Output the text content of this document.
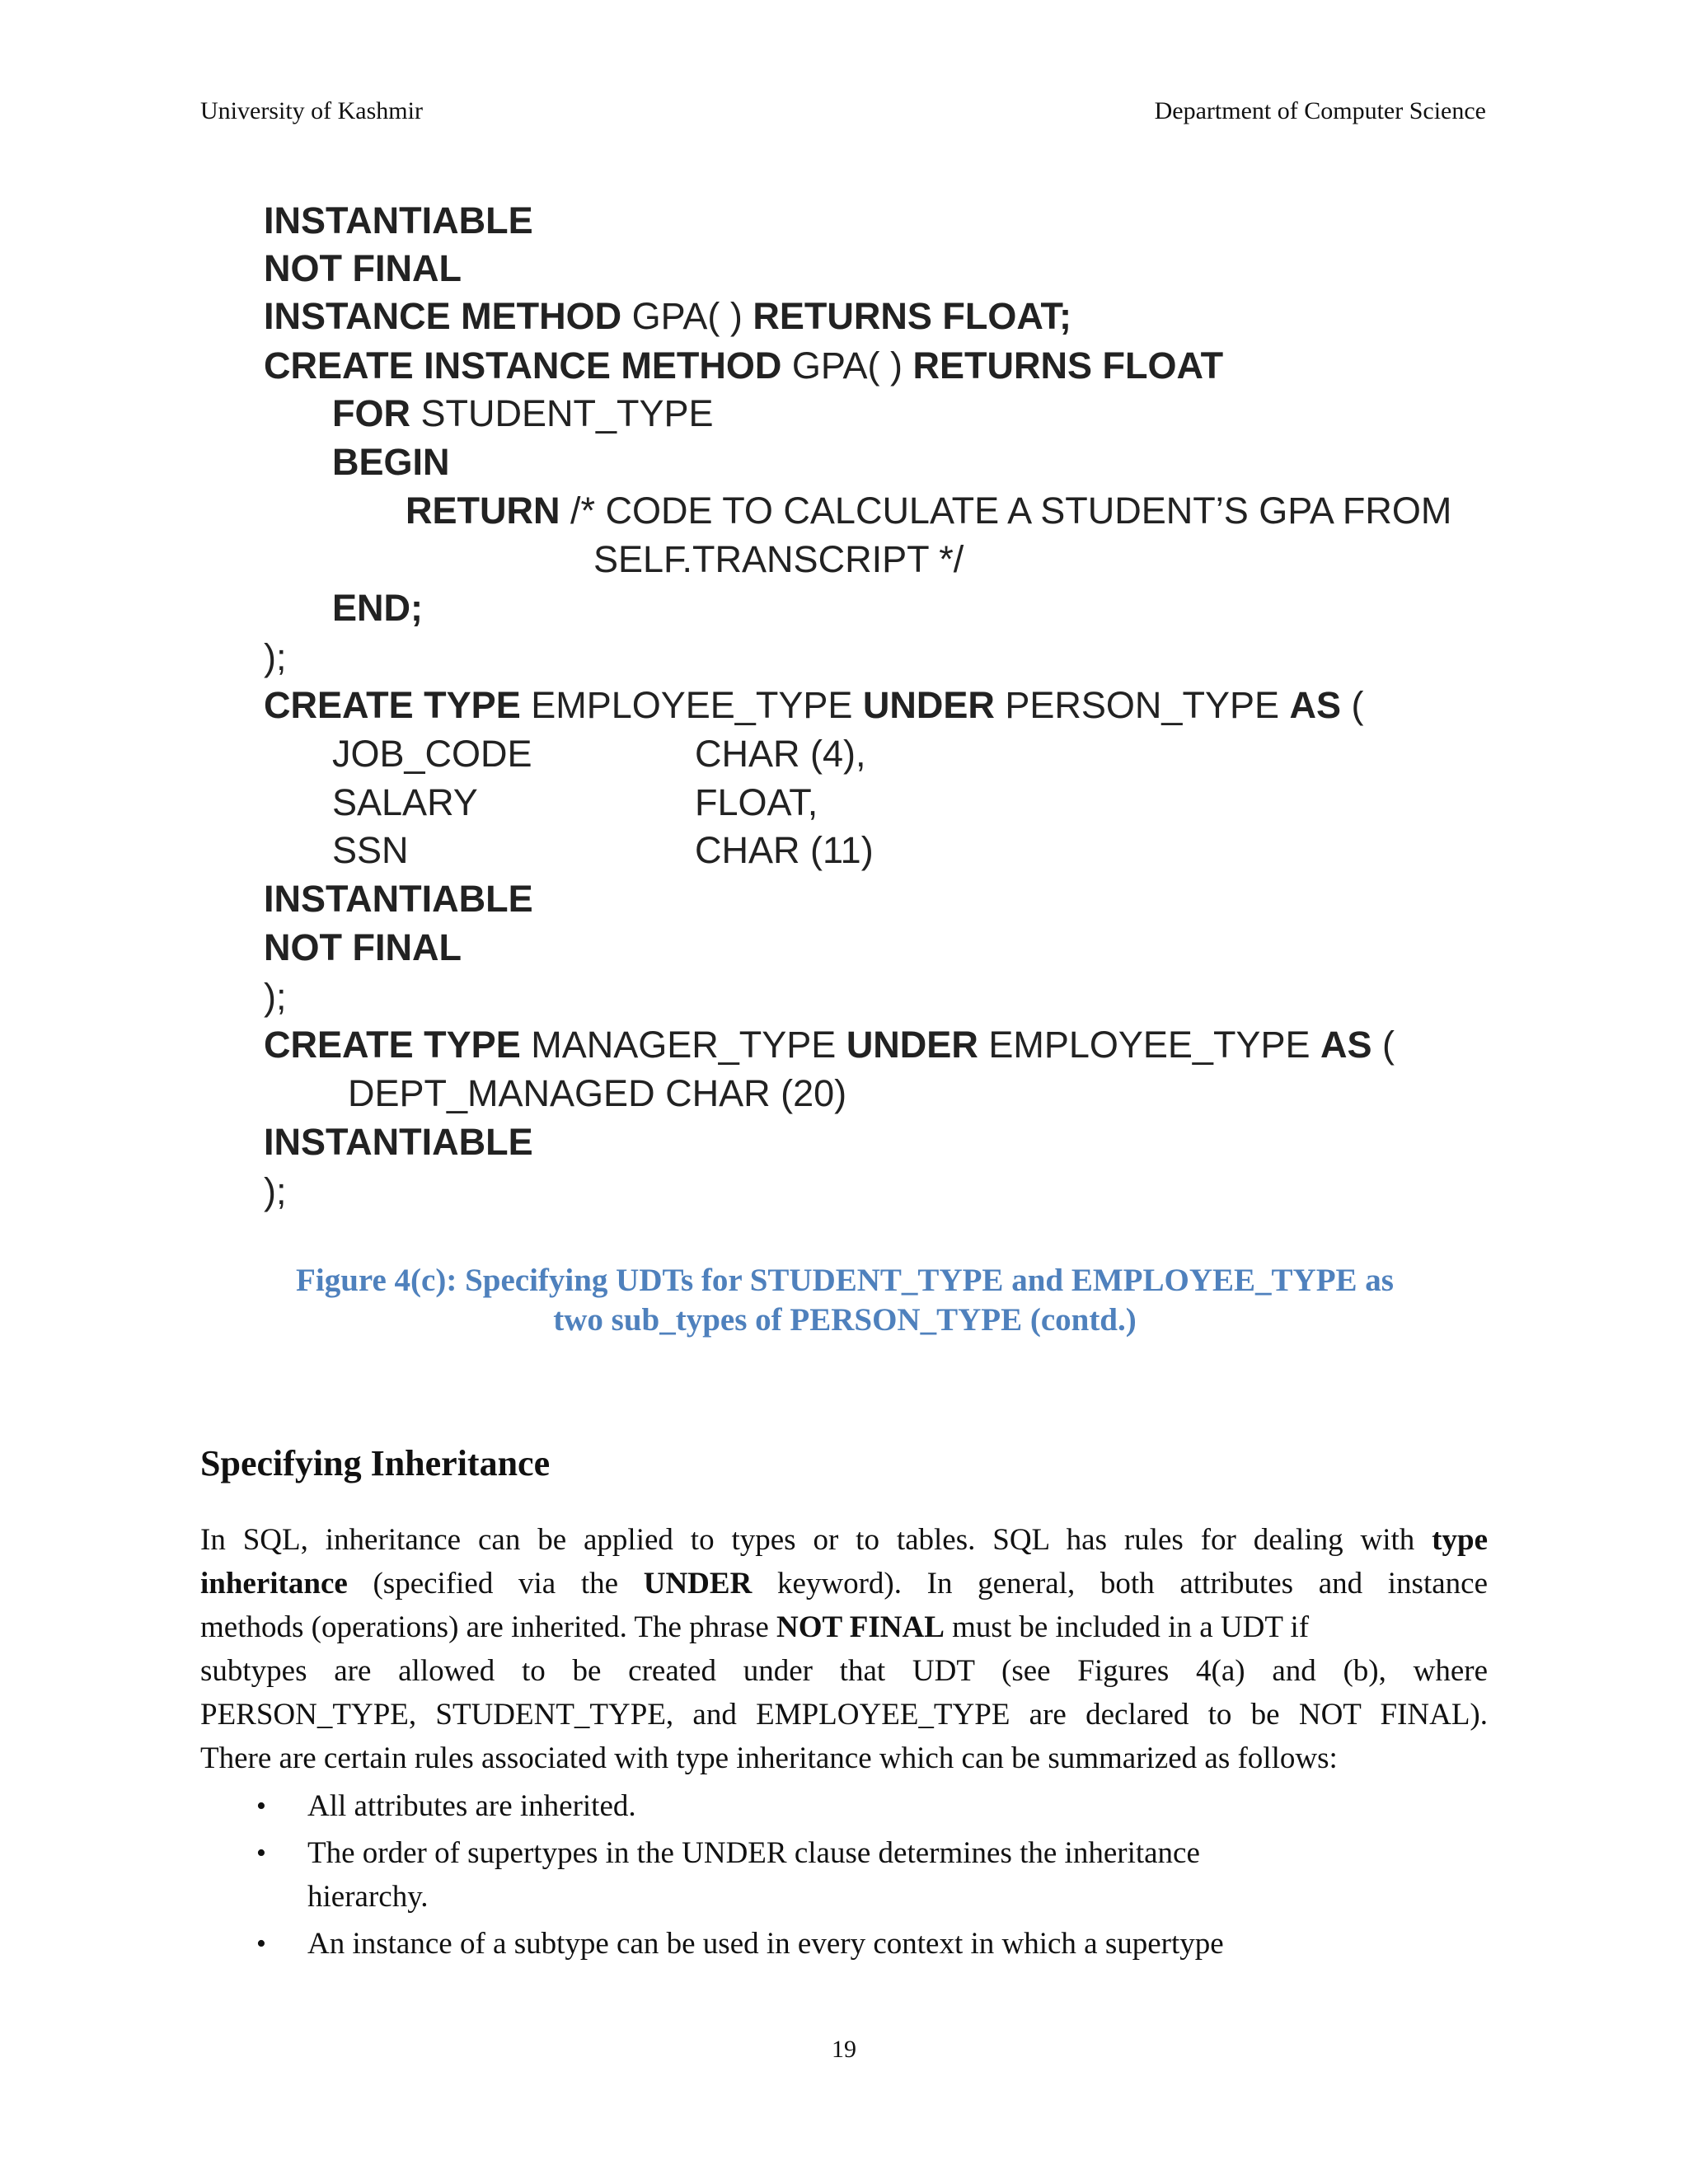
University of Kashmir	Department of Computer Science
INSTANTIABLE
NOT FINAL
INSTANCE METHOD GPA( ) RETURNS FLOAT;
CREATE INSTANCE METHOD GPA( ) RETURNS FLOAT
FOR STUDENT_TYPE
BEGIN
RETURN /* CODE TO CALCULATE A STUDENT’S GPA FROM
SELF.TRANSCRIPT */
END;
);
CREATE TYPE EMPLOYEE_TYPE UNDER PERSON_TYPE AS (
JOB_CODE	CHAR (4),
SALARY	FLOAT,
SSN	CHAR (11)
INSTANTIABLE
NOT FINAL
);
CREATE TYPE MANAGER_TYPE UNDER EMPLOYEE_TYPE AS (
DEPT_MANAGED CHAR (20)
INSTANTIABLE
);
Figure 4(c): Specifying UDTs for STUDENT_TYPE and EMPLOYEE_TYPE as
two sub_types of PERSON_TYPE (contd.)
Specifying Inheritance
In SQL, inheritance can be applied to types or to tables. SQL has rules for dealing with type
inheritance (specified via the UNDER keyword). In general, both attributes and instance
methods (operations) are inherited. The phrase NOT FINAL must be included in a UDT if
subtypes are allowed to be created under that UDT (see Figures 4(a) and (b), where
PERSON_TYPE, STUDENT_TYPE, and EMPLOYEE_TYPE are declared to be NOT FINAL).
There are certain rules associated with type inheritance which can be summarized as follows:
• All attributes are inherited.
• The order of supertypes in the UNDER clause determines the inheritance
hierarchy.
• An instance of a subtype can be used in every context in which a supertype
19
